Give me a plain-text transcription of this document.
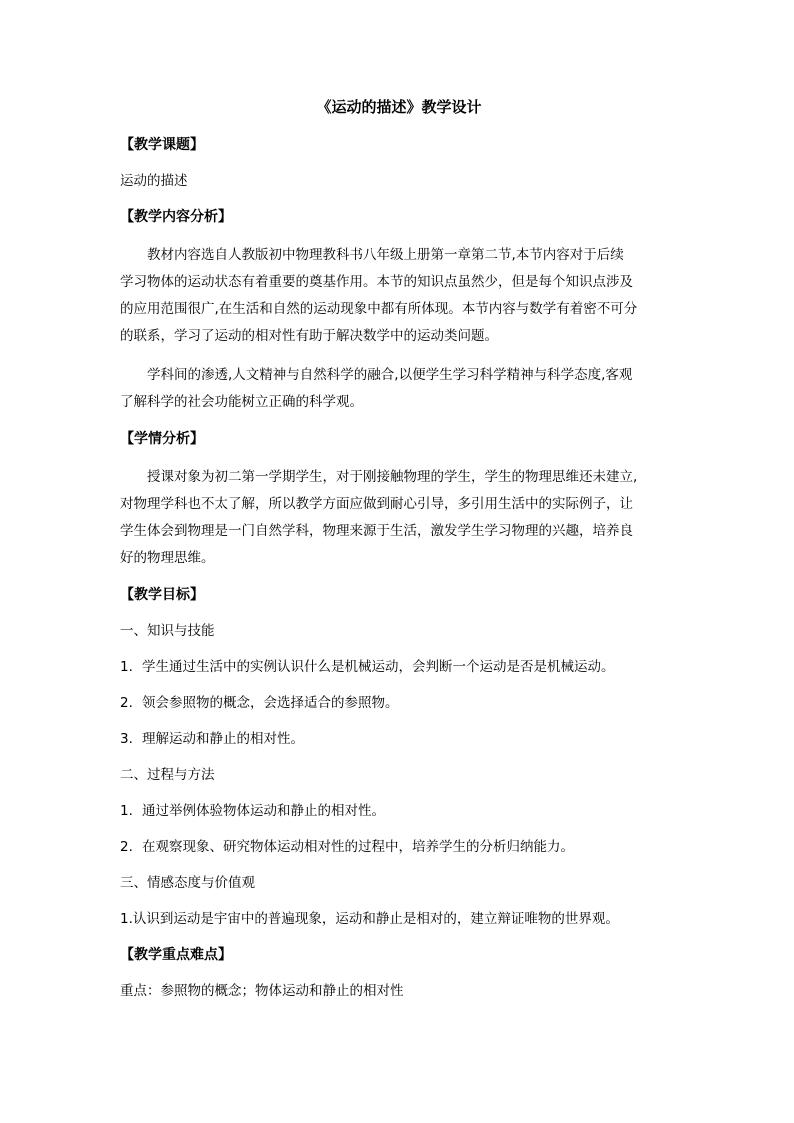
《运动的描述》教学设计
【教学课题】
运动的描述
【教学内容分析】
教材内容选自人教版初中物理教科书八年级上册第一章第二节,本节内容对于后续
学习物体的运动状态有着重要的奠基作用。本节的知识点虽然少，但是每个知识点涉及
的应用范围很广,在生活和自然的运动现象中都有所体现。本节内容与数学有着密不可分
的联系，学习了运动的相对性有助于解决数学中的运动类问题。
学科间的渗透,人文精神与自然科学的融合,以便学生学习科学精神与科学态度,客观
了解科学的社会功能树立正确的科学观。
【学情分析】
授课对象为初二第一学期学生，对于刚接触物理的学生，学生的物理思维还未建立,
对物理学科也不太了解，所以教学方面应做到耐心引导，多引用生活中的实际例子，让
学生体会到物理是一门自然学科，物理来源于生活，激发学生学习物理的兴趣，培养良
好的物理思维。
【教学目标】
一、知识与技能
1. 学生通过生活中的实例认识什么是机械运动，会判断一个运动是否是机械运动。
2. 领会参照物的概念，会选择适合的参照物。
3. 理解运动和静止的相对性。
二、过程与方法
1. 通过举例体验物体运动和静止的相对性。
2. 在观察现象、研究物体运动相对性的过程中，培养学生的分析归纳能力。
三、情感态度与价值观
1.认识到运动是宇宙中的普遍现象，运动和静止是相对的，建立辩证唯物的世界观。
【教学重点难点】
重点：参照物的概念；物体运动和静止的相对性
